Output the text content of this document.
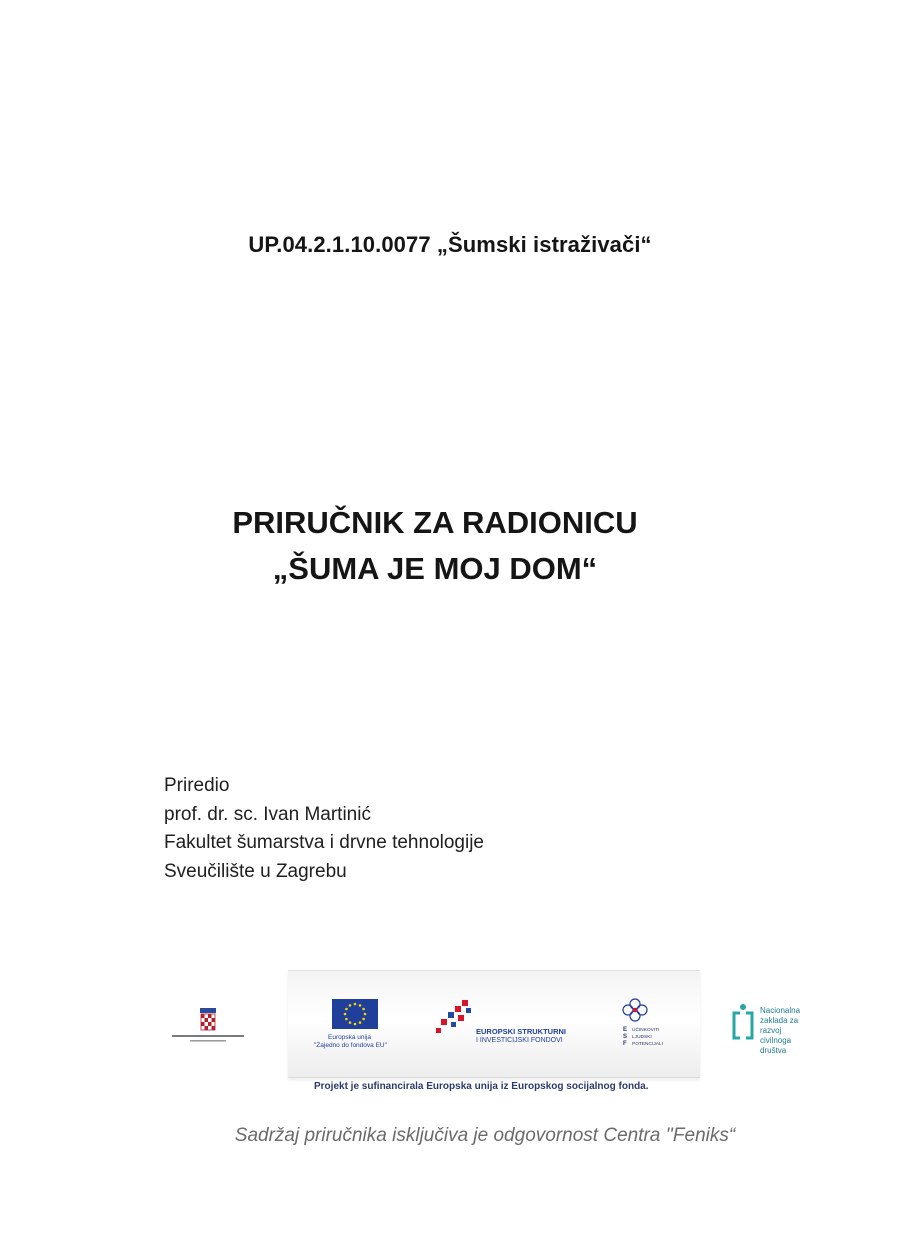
UP.04.2.1.10.0077 „Šumski istraživači“
PRIRUČNIK ZA RADIONICU
„ŠUMA JE MOJ DOM“
Priredio
prof. dr. sc. Ivan Martinić
Fakultet šumarstva i drvne tehnologije
Sveučilište u Zagrebu
Europska unija
"Zajedno do fondova EU"
EUROPSKI STRUKTURNI
I INVESTICIJSKI FONDOVI
UČINKOVITI
LJUDSKI
POTENCIJALI
E
S
F
Projekt je sufinancirala Europska unija iz Europskog socijalnog fonda.
Nacionalna
zaklada za
razvoj
civilnoga
društva
Sadržaj priručnika isključiva je odgovornost Centra ''Feniks“
